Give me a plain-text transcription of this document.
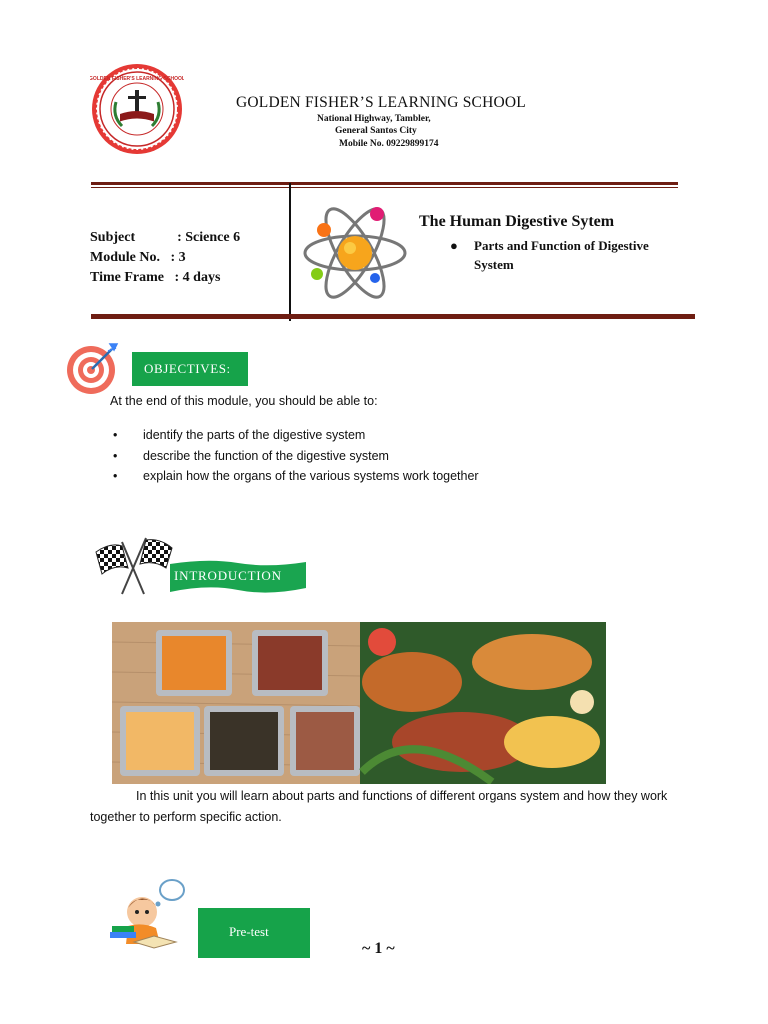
GOLDEN FISHER'S LEARNING SCHOOL
GOLDEN FISHER’S LEARNING SCHOOL
National Highway, Tambler,
General Santos City
Mobile No. 09229899174
Subject            : Science 6
Module No.   : 3
Time Frame   : 4 days
The Human Digestive Sytem
● Parts and Function of Digestive System
OBJECTIVES:
At the end of this module, you should be able to:
• identify the parts of the digestive system
• describe the function of the digestive system
• explain how the organs of the various systems work together
INTRODUCTION
In this unit you will learn about parts and functions of different organs system and how they work together to perform specific action.
Pre-test
~ 1 ~
